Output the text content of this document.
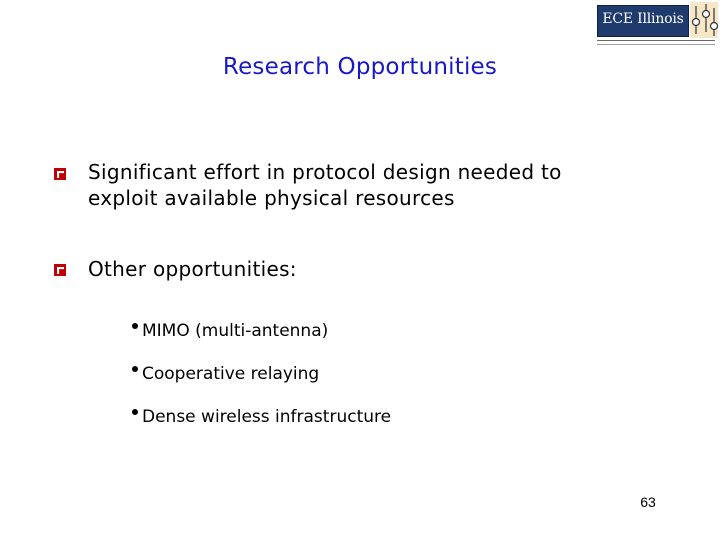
ECE Illinois
Research Opportunities
Significant effort in protocol design needed to
exploit available physical resources
Other opportunities:
MIMO (multi-antenna)
Cooperative relaying
Dense wireless infrastructure
63
